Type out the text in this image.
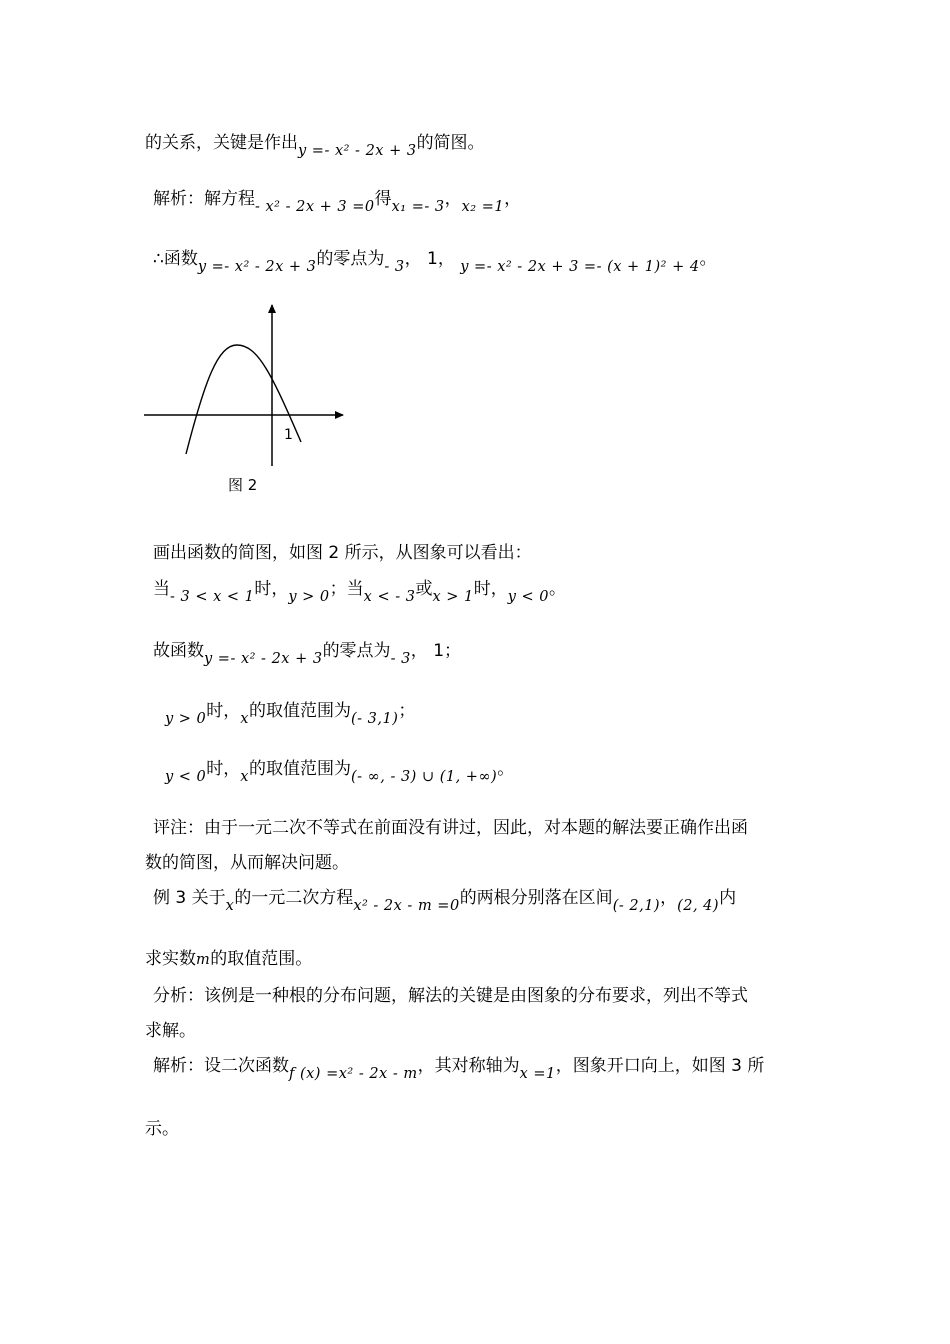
的关系，关键是作出y =- x² - 2x + 3的简图。
解析：解方程- x² - 2x + 3 =0得x₁ =- 3，x₂ =1，
∴函数y =- x² - 2x + 3的零点为- 3， 1， y =- x² - 2x + 3 =- (x + 1)² + 4。
画出函数的简图，如图 2 所示，从图象可以看出：
当- 3 < x < 1时，y > 0；当x < - 3或x > 1时，y < 0。
故函数y =- x² - 2x + 3的零点为- 3， 1；
y > 0时，x的取值范围为(- 3,1)；
y < 0时，x的取值范围为(- ∞, - 3) ∪ (1, +∞)。
评注：由于一元二次不等式在前面没有讲过，因此，对本题的解法要正确作出函
数的简图，从而解决问题。
例 3 关于x的一元二次方程x² - 2x - m =0的两根分别落在区间(- 2,1)，(2, 4)内
求实数m的取值范围。
分析：该例是一种根的分布问题，解法的关键是由图象的分布要求，列出不等式
求解。
解析：设二次函数f (x) =x² - 2x - m，其对称轴为x =1，图象开口向上，如图 3 所
示。
1
图 2
